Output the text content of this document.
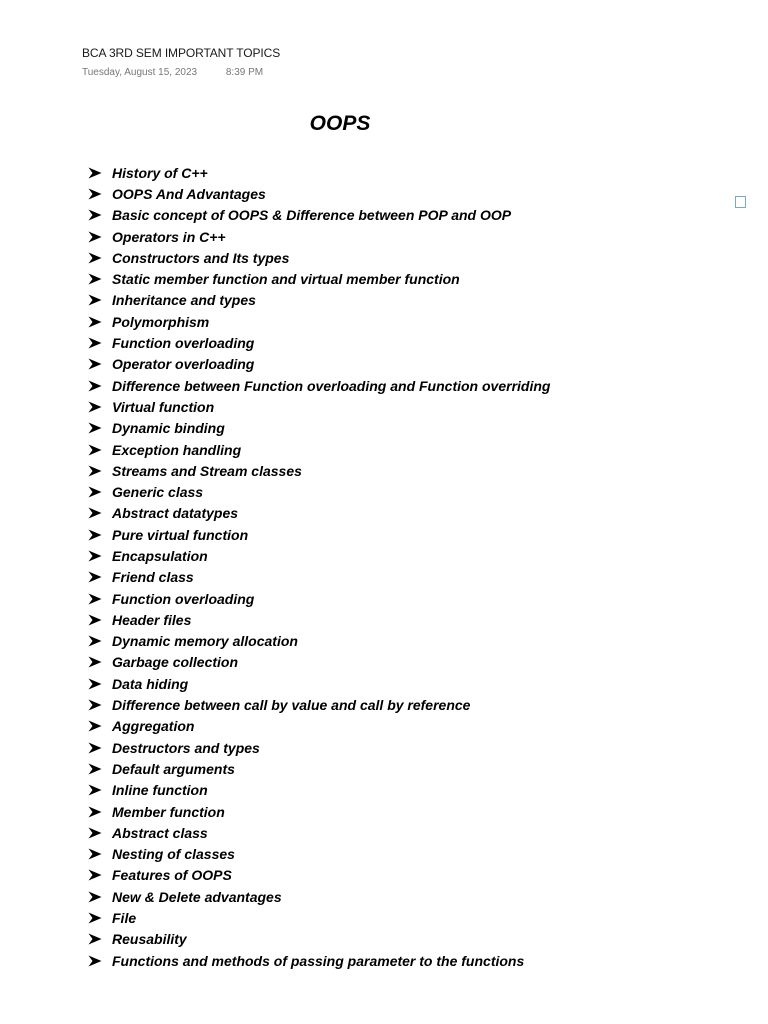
BCA 3RD SEM IMPORTANT TOPICS
Tuesday, August 15, 2023	8:39 PM
OOPS
History of C++
OOPS And Advantages
Basic concept of OOPS & Difference between POP and OOP
Operators in C++
Constructors and Its types
Static member function and virtual member function
Inheritance and types
Polymorphism
Function overloading
Operator overloading
Difference between Function overloading and Function overriding
Virtual function
Dynamic binding
Exception handling
Streams and Stream classes
Generic class
Abstract datatypes
Pure virtual function
Encapsulation
Friend class
Function overloading
Header files
Dynamic memory allocation
Garbage collection
Data hiding
Difference between call by value and call by reference
Aggregation
Destructors and types
Default arguments
Inline function
Member function
Abstract class
Nesting of classes
Features of OOPS
New & Delete advantages
File
Reusability
Functions and methods of passing parameter to the functions
